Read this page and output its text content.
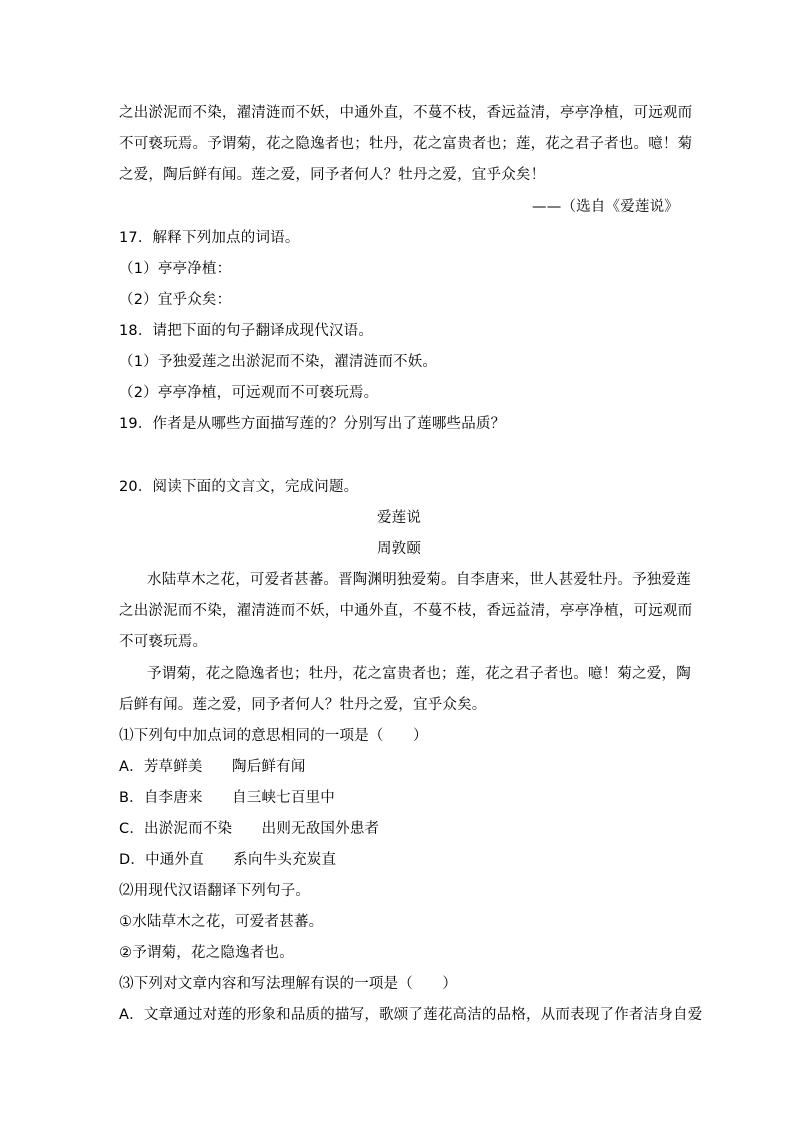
之出淤泥而不染，濯清涟而不妖，中通外直，不蔓不枝，香远益清，亭亭净植，可远观而
不可亵玩焉。予谓菊，花之隐逸者也；牡丹，花之富贵者也；莲，花之君子者也。噫！菊
之爱，陶后鲜有闻。莲之爱，同予者何人？牡丹之爱，宜乎众矣！
——（选自《爱莲说》
17．解释下列加点的词语。
（1）亭亭净植：
（2）宜乎众矣：
18．请把下面的句子翻译成现代汉语。
（1）予独爱莲之出淤泥而不染，濯清涟而不妖。
（2）亭亭净植，可远观而不可亵玩焉。
19．作者是从哪些方面描写莲的？分别写出了莲哪些品质？
20．阅读下面的文言文，完成问题。
爱莲说
周敦颐
水陆草木之花，可爱者甚蕃。晋陶渊明独爱菊。自李唐来，世人甚爱牡丹。予独爱莲
之出淤泥而不染，濯清涟而不妖，中通外直，不蔓不枝，香远益清，亭亭净植，可远观而
不可亵玩焉。
予谓菊，花之隐逸者也；牡丹，花之富贵者也；莲，花之君子者也。噫！菊之爱，陶
后鲜有闻。莲之爱，同予者何人？牡丹之爱，宜乎众矣。
⑴下列句中加点词的意思相同的一项是（　　）
A．芳草鲜美　　陶后鲜有闻
B．自李唐来　　自三峡七百里中
C．出淤泥而不染　　出则无敌国外患者
D．中通外直　　系向牛头充炭直
⑵用现代汉语翻译下列句子。
①水陆草木之花，可爱者甚蕃。
②予谓菊，花之隐逸者也。
⑶下列对文章内容和写法理解有误的一项是（　　）
A．文章通过对莲的形象和品质的描写，歌颂了莲花高洁的品格，从而表现了作者洁身自爱
